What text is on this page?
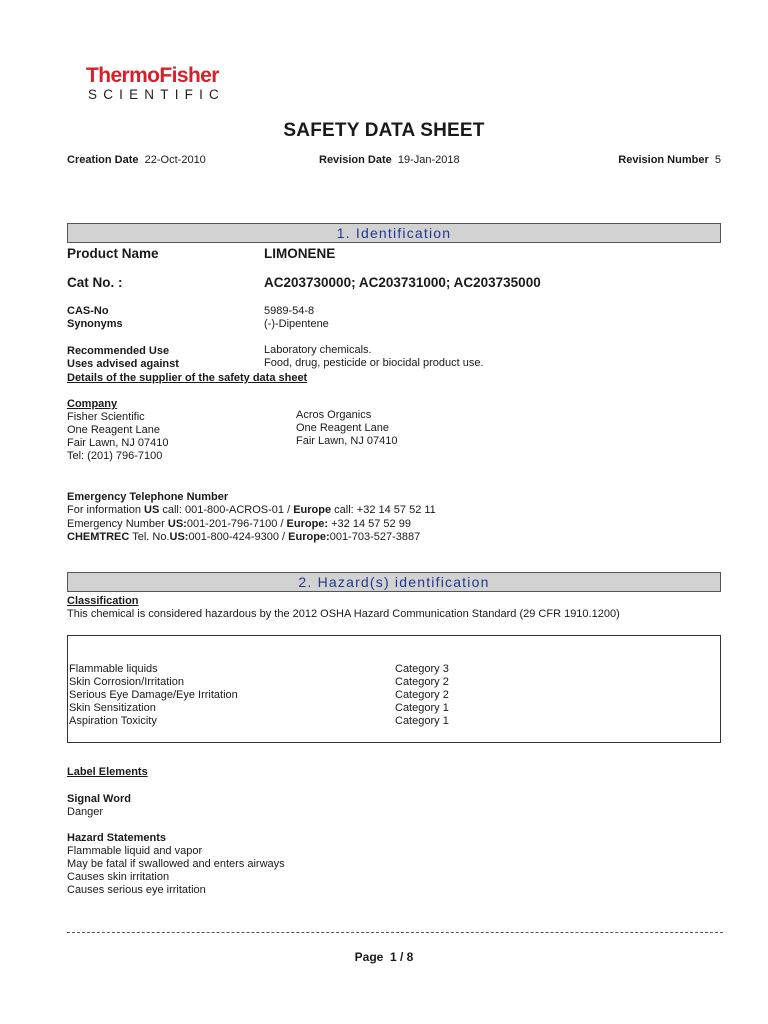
ThermoFisher
SCIENTIFIC
SAFETY DATA SHEET
Creation Date 22-Oct-2010	Revision Date 19-Jan-2018	Revision Number 5
1. Identification
Product Name	LIMONENE
Cat No. :	AC203730000; AC203731000; AC203735000
CAS-No	5989-54-8
Synonyms	(-)-Dipentene
Recommended Use	Laboratory chemicals.
Uses advised against	Food, drug, pesticide or biocidal product use.
Details of the supplier of the safety data sheet
Company
Fisher Scientific
One Reagent Lane
Fair Lawn, NJ 07410
Tel: (201) 796-7100
Acros Organics
One Reagent Lane
Fair Lawn, NJ 07410
Emergency Telephone Number
For information US call: 001-800-ACROS-01 / Europe call: +32 14 57 52 11
Emergency Number US:001-201-796-7100 / Europe: +32 14 57 52 99
CHEMTREC Tel. No.US:001-800-424-9300 / Europe:001-703-527-3887
2. Hazard(s) identification
Classification
This chemical is considered hazardous by the 2012 OSHA Hazard Communication Standard (29 CFR 1910.1200)
Flammable liquids	Category 3
Skin Corrosion/Irritation	Category 2
Serious Eye Damage/Eye Irritation	Category 2
Skin Sensitization	Category 1
Aspiration Toxicity	Category 1
Label Elements
Signal Word
Danger
Hazard Statements
Flammable liquid and vapor
May be fatal if swallowed and enters airways
Causes skin irritation
Causes serious eye irritation
Page 1 / 8
